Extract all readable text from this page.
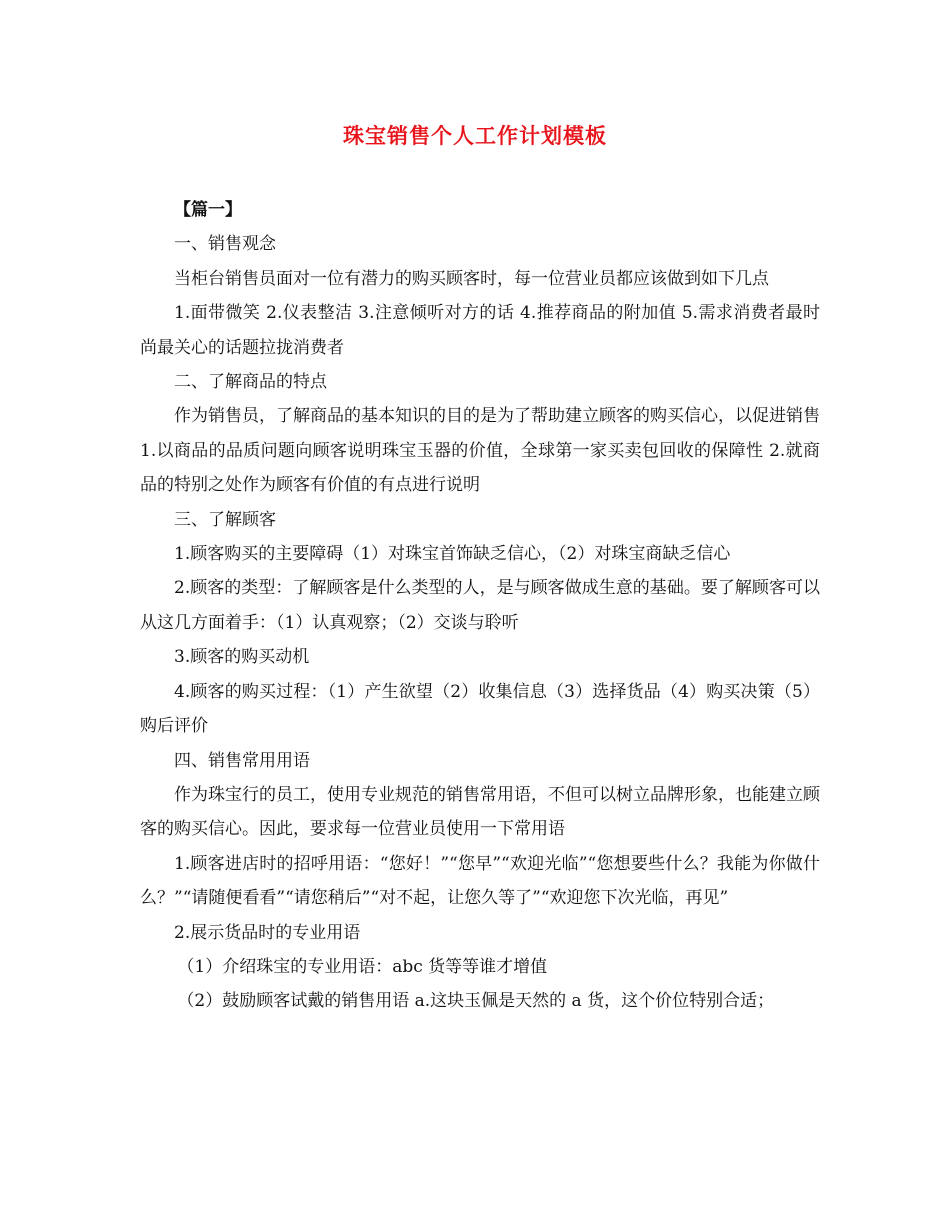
珠宝销售个人工作计划模板

【篇一】

一、销售观念

当柜台销售员面对一位有潜力的购买顾客时，每一位营业员都应该做到如下几点

1.面带微笑 2.仪表整洁 3.注意倾听对方的话 4.推荐商品的附加值 5.需求消费者最时尚最关心的话题拉拢消费者

二、了解商品的特点

作为销售员，了解商品的基本知识的目的是为了帮助建立顾客的购买信心，以促进销售 1.以商品的品质问题向顾客说明珠宝玉器的价值，全球第一家买卖包回收的保障性 2.就商品的特别之处作为顾客有价值的有点进行说明

三、了解顾客

1.顾客购买的主要障碍（1）对珠宝首饰缺乏信心，（2）对珠宝商缺乏信心

2.顾客的类型：了解顾客是什么类型的人，是与顾客做成生意的基础。要了解顾客可以从这几方面着手：（1）认真观察；（2）交谈与聆听

3.顾客的购买动机

4.顾客的购买过程：（1）产生欲望（2）收集信息（3）选择货品（4）购买决策（5）购后评价

四、销售常用用语

作为珠宝行的员工，使用专业规范的销售常用语，不但可以树立品牌形象，也能建立顾客的购买信心。因此，要求每一位营业员使用一下常用语

1.顾客进店时的招呼用语：“您好！”“您早”“欢迎光临”“您想要些什么？我能为你做什么？”“请随便看看”“请您稍后”“对不起，让您久等了”“欢迎您下次光临，再见”

2.展示货品时的专业用语

（1）介绍珠宝的专业用语：abc 货等等谁才增值

（2）鼓励顾客试戴的销售用语 a.这块玉佩是天然的 a 货，这个价位特别合适；
